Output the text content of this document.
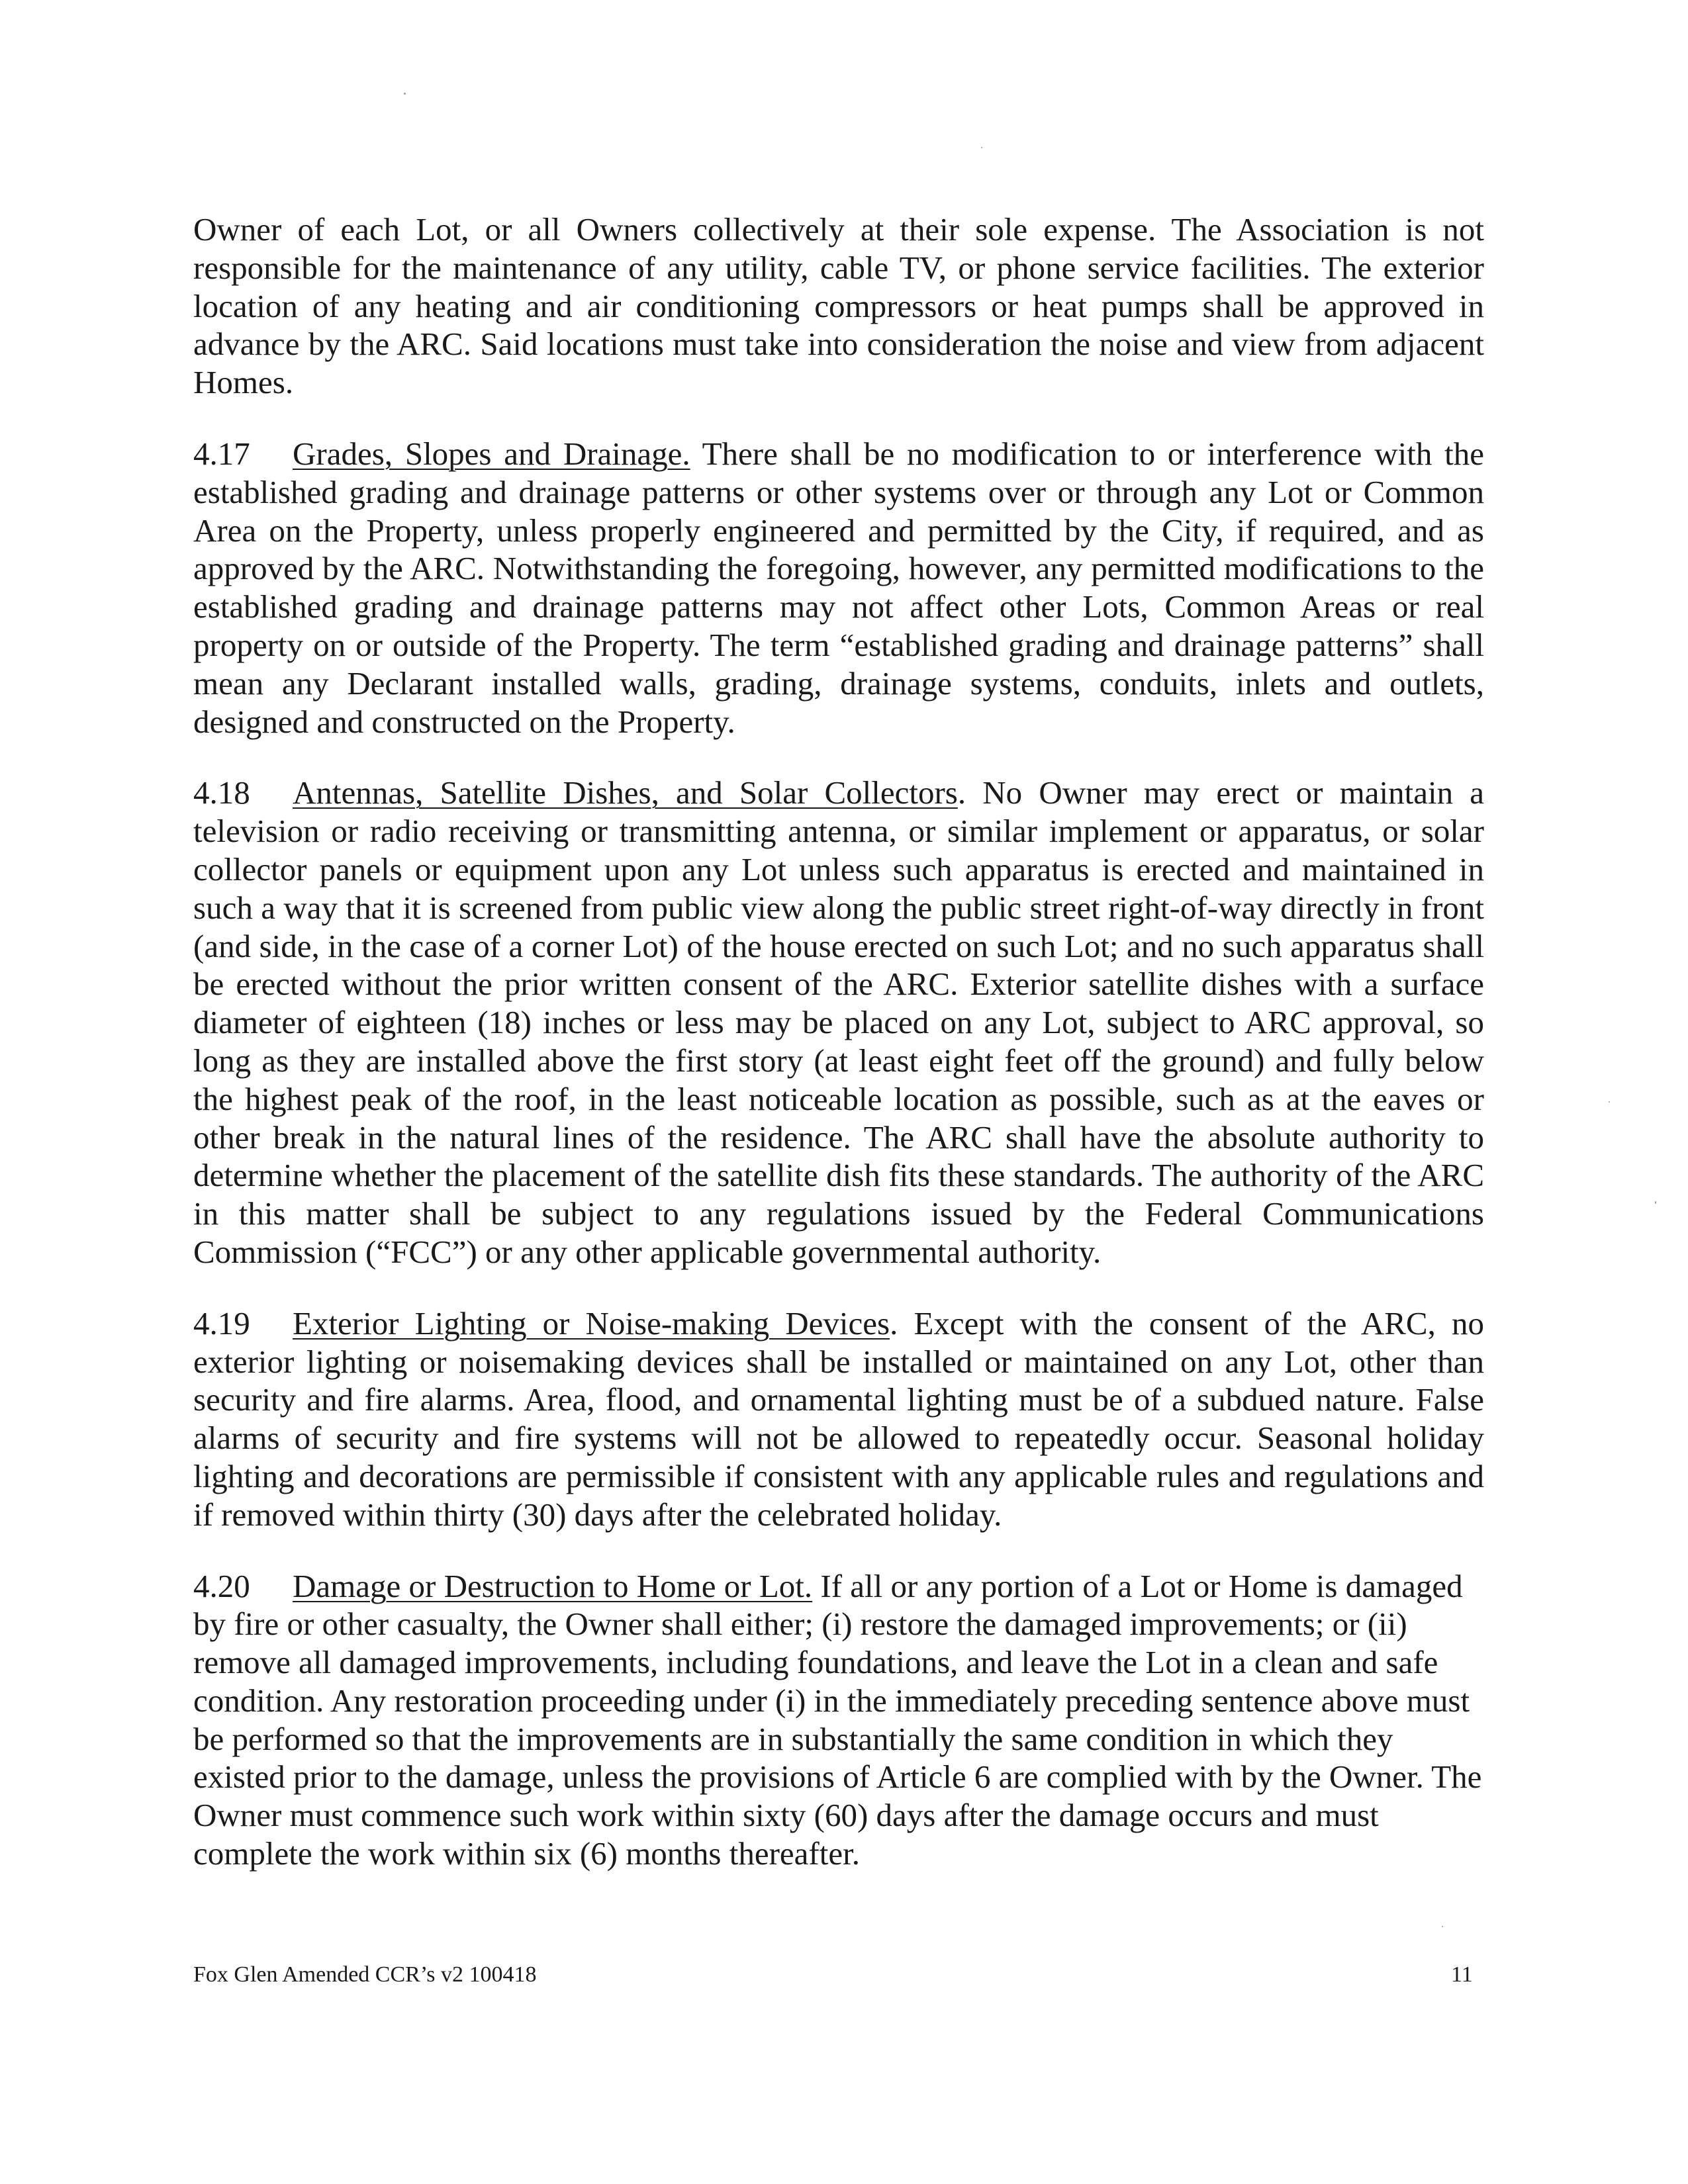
Owner of each Lot, or all Owners collectively at their sole expense. The Association is not responsible for the maintenance of any utility, cable TV, or phone service facilities. The exterior location of any heating and air conditioning compressors or heat pumps shall be approved in advance by the ARC. Said locations must take into consideration the noise and view from adjacent Homes.

4.17 Grades, Slopes and Drainage. There shall be no modification to or interference with the established grading and drainage patterns or other systems over or through any Lot or Common Area on the Property, unless properly engineered and permitted by the City, if required, and as approved by the ARC. Notwithstanding the foregoing, however, any permitted modifications to the established grading and drainage patterns may not affect other Lots, Common Areas or real property on or outside of the Property. The term “established grading and drainage patterns” shall mean any Declarant installed walls, grading, drainage systems, conduits, inlets and outlets, designed and constructed on the Property.

4.18 Antennas, Satellite Dishes, and Solar Collectors. No Owner may erect or maintain a television or radio receiving or transmitting antenna, or similar implement or apparatus, or solar collector panels or equipment upon any Lot unless such apparatus is erected and maintained in such a way that it is screened from public view along the public street right-of-way directly in front (and side, in the case of a corner Lot) of the house erected on such Lot; and no such apparatus shall be erected without the prior written consent of the ARC. Exterior satellite dishes with a surface diameter of eighteen (18) inches or less may be placed on any Lot, subject to ARC approval, so long as they are installed above the first story (at least eight feet off the ground) and fully below the highest peak of the roof, in the least noticeable location as possible, such as at the eaves or other break in the natural lines of the residence. The ARC shall have the absolute authority to determine whether the placement of the satellite dish fits these standards. The authority of the ARC in this matter shall be subject to any regulations issued by the Federal Communications Commission (“FCC”) or any other applicable governmental authority.

4.19 Exterior Lighting or Noise-making Devices. Except with the consent of the ARC, no exterior lighting or noisemaking devices shall be installed or maintained on any Lot, other than security and fire alarms. Area, flood, and ornamental lighting must be of a subdued nature. False alarms of security and fire systems will not be allowed to repeatedly occur. Seasonal holiday lighting and decorations are permissible if consistent with any applicable rules and regulations and if removed within thirty (30) days after the celebrated holiday.

4.20 Damage or Destruction to Home or Lot. If all or any portion of a Lot or Home is damaged by fire or other casualty, the Owner shall either; (i) restore the damaged improvements; or (ii) remove all damaged improvements, including foundations, and leave the Lot in a clean and safe condition. Any restoration proceeding under (i) in the immediately preceding sentence above must be performed so that the improvements are in substantially the same condition in which they existed prior to the damage, unless the provisions of Article 6 are complied with by the Owner. The Owner must commence such work within sixty (60) days after the damage occurs and must complete the work within six (6) months thereafter.

Fox Glen Amended CCR’s v2 100418	11
